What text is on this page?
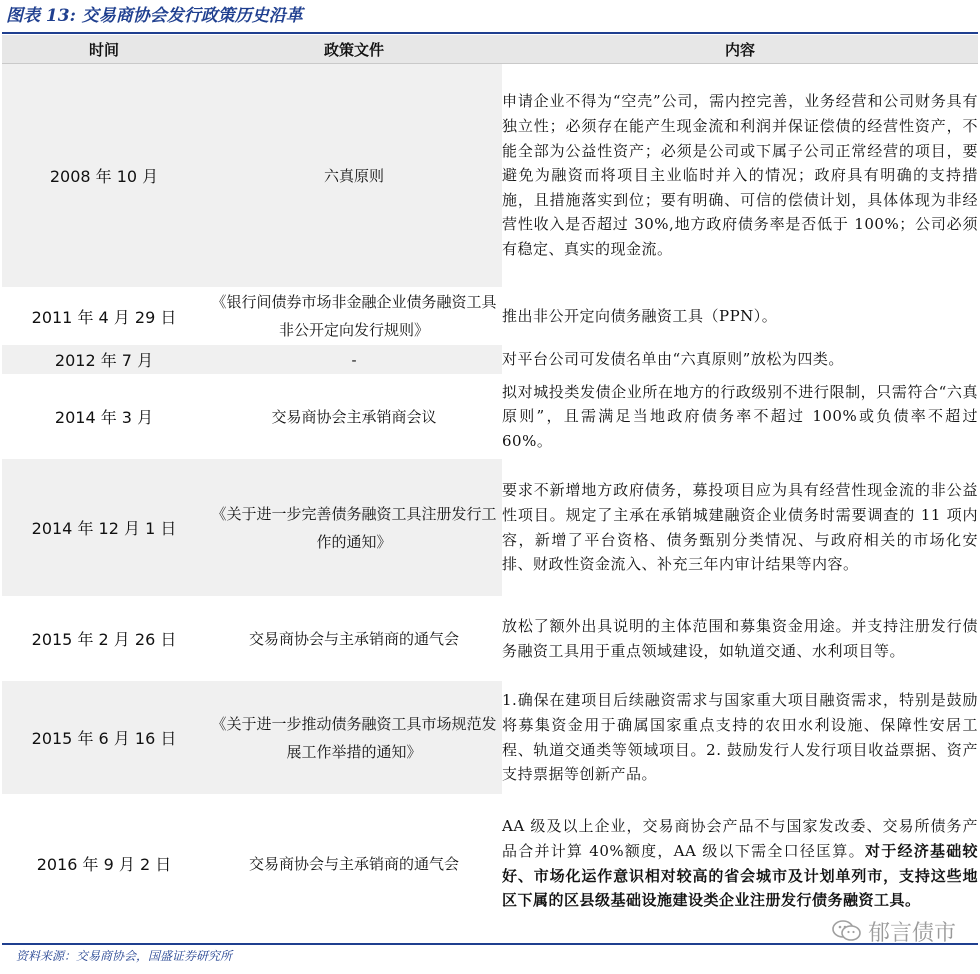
图表 13: 交易商协会发行政策历史沿革
时间	政策文件	内容
2008 年 10 月	六真原则	申请企业不得为“空壳”公司，需内控完善，业务经营和公司财务具有独立性；必须存在能产生现金流和利润并保证偿债的经营性资产，不能全部为公益性资产；必须是公司或下属子公司正常经营的项目，要避免为融资而将项目主业临时并入的情况；政府具有明确的支持措施，且措施落实到位；要有明确、可信的偿债计划，具体体现为非经营性收入是否超过 30%,地方政府债务率是否低于 100%；公司必须有稳定、真实的现金流。
2011 年 4 月 29 日	《银行间债券市场非金融企业债务融资工具非公开定向发行规则》	推出非公开定向债务融资工具（PPN）。
2012 年 7 月	-	对平台公司可发债名单由“六真原则”放松为四类。
2014 年 3 月	交易商协会主承销商会议	拟对城投类发债企业所在地方的行政级别不进行限制，只需符合“六真原则”，且需满足当地政府债务率不超过 100%或负债率不超过 60%。
2014 年 12 月 1 日	《关于进一步完善债务融资工具注册发行工作的通知》	要求不新增地方政府债务，募投项目应为具有经营性现金流的非公益性项目。规定了主承在承销城建融资企业债务时需要调查的 11 项内容，新增了平台资格、债务甄别分类情况、与政府相关的市场化安排、财政性资金流入、补充三年内审计结果等内容。
2015 年 2 月 26 日	交易商协会与主承销商的通气会	放松了额外出具说明的主体范围和募集资金用途。并支持注册发行债务融资工具用于重点领域建设，如轨道交通、水利项目等。
2015 年 6 月 16 日	《关于进一步推动债务融资工具市场规范发展工作举措的通知》	1.确保在建项目后续融资需求与国家重大项目融资需求，特别是鼓励将募集资金用于确属国家重点支持的农田水利设施、保障性安居工程、轨道交通类等领域项目。2. 鼓励发行人发行项目收益票据、资产支持票据等创新产品。
2016 年 9 月 2 日	交易商协会与主承销商的通气会	AA 级及以上企业，交易商协会产品不与国家发改委、交易所债务产品合并计算 40%额度，AA 级以下需全口径匡算。对于经济基础较好、市场化运作意识相对较高的省会城市及计划单列市，支持这些地区下属的区县级基础设施建设类企业注册发行债务融资工具。
资料来源：交易商协会，国盛证券研究所
郁言债市
